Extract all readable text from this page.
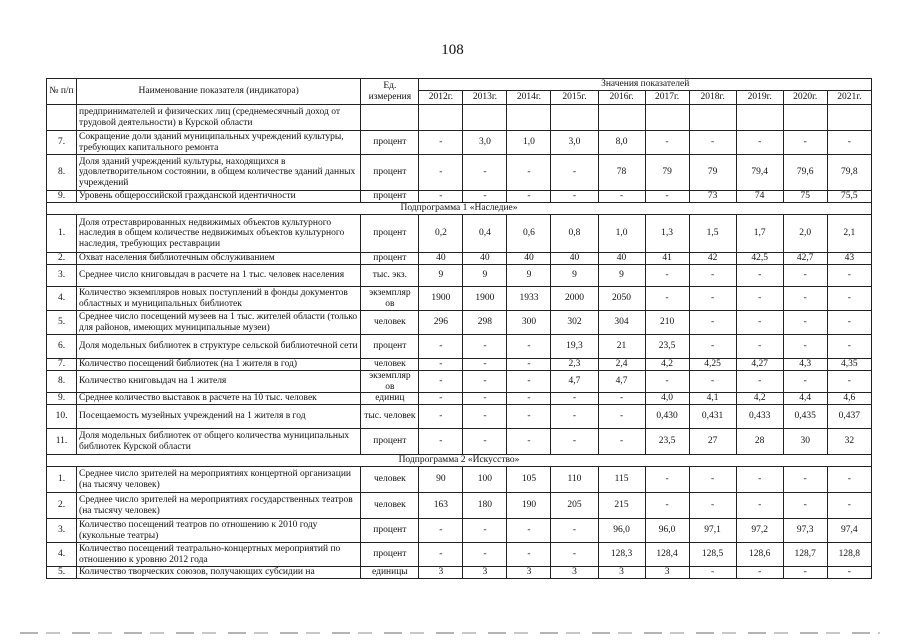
108
№ п/п	Наименование показателя (индикатора)	Ед. измерения	Значения показателей									
			2012г.	2013г.	2014г.	2015г.	2016г.	2017г.	2018г.	2019г.	2020г.	2021г.
	предпринимателей и физических лиц (среднемесячный доход от трудовой деятельности) в Курской области											
7.	Сокращение доли зданий муниципальных учреждений культуры, требующих капитального ремонта	процент	-	3,0	1,0	3,0	8,0	-	-	-	-	-
8.	Доля зданий учреждений культуры, находящихся в удовлетворительном состоянии, в общем количестве зданий данных учреждений	процент	-	-	-	-	78	79	79	79,4	79,6	79,8
9.	Уровень общероссийской гражданской идентичности	процент	-	-	-	-	-	-	73	74	75	75,5
Подпрограмма 1 «Наследие»												
1.	Доля отреставрированных недвижимых объектов культурного наследия в общем количестве недвижимых объектов культурного наследия, требующих реставрации	процент	0,2	0,4	0,6	0,8	1,0	1,3	1,5	1,7	2,0	2,1
2.	Охват населения библиотечным обслуживанием	процент	40	40	40	40	40	41	42	42,5	42,7	43
3.	Среднее число книговыдач в расчете на 1 тыс. человек населения	тыс. экз.	9	9	9	9	9	-	-	-	-	-
4.	Количество экземпляров новых поступлений в фонды документов областных и муниципальных библиотек	экземпляр ов	1900	1900	1933	2000	2050	-	-	-	-	-
5.	Среднее число посещений музеев на 1 тыс. жителей области (только для районов, имеющих муниципальные музеи)	человек	296	298	300	302	304	210	-	-	-	-
6.	Доля модельных библиотек в структуре сельской библиотечной сети	процент	-	-	-	19,3	21	23,5	-	-	-	-
7.	Количество посещений библиотек (на 1 жителя в год)	человек	-	-	-	2,3	2,4	4,2	4,25	4,27	4,3	4,35
8.	Количество книговыдач на 1 жителя	экземпляр ов	-	-	-	4,7	4,7	-	-	-	-	-
9.	Среднее количество выставок в расчете на 10 тыс. человек	единиц	-	-	-	-	-	4,0	4,1	4,2	4,4	4,6
10.	Посещаемость музейных учреждений на 1 жителя в год	тыс. человек	-	-	-	-	-	0,430	0,431	0,433	0,435	0,437
11.	Доля модельных библиотек от общего количества муниципальных библиотек Курской области	процент	-	-	-	-	-	23,5	27	28	30	32
Подпрограмма 2 «Искусство»												
1.	Среднее число зрителей на мероприятиях концертной организации (на тысячу человек)	человек	90	100	105	110	115	-	-	-	-	-
2.	Среднее число зрителей на мероприятиях государственных театров (на тысячу человек)	человек	163	180	190	205	215	-	-	-	-	-
3.	Количество посещений театров по отношению к 2010 году (кукольные театры)	процент	-	-	-	-	96,0	96,0	97,1	97,2	97,3	97,4
4.	Количество посещений театрально-концертных мероприятий по отношению к уровню 2012 года	процент	-	-	-	-	128,3	128,4	128,5	128,6	128,7	128,8
5.	Количество творческих союзов, получающих субсидии на	единицы	3	3	3	3	3	3	-	-	-	-
